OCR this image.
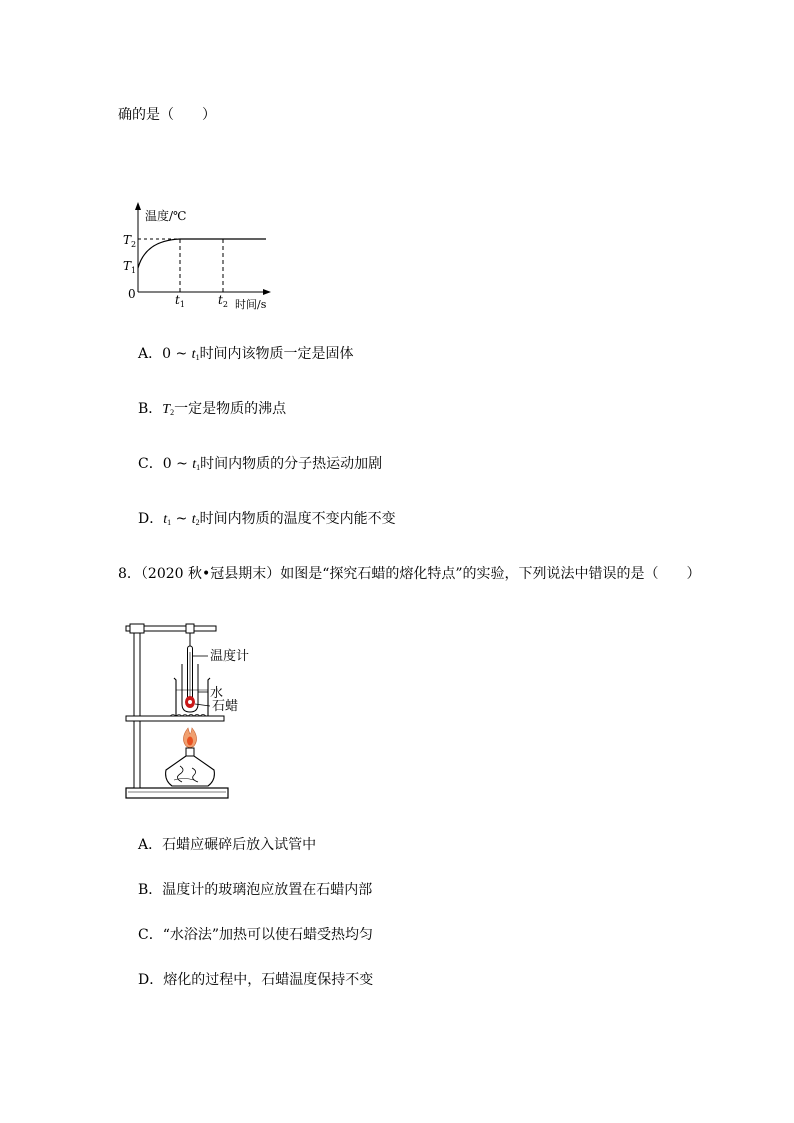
确的是（　　）
温度/℃
时间/s
0
$T_2$
$T_1$
$t_1$	$t_2$
A．0 ~ $t_1$时间内该物质一定是固体
B．$T_2$一定是物质的沸点
C．0 ~ $t_1$时间内物质的分子热运动加剧
D．$t_1$ ~ $t_2$时间内物质的温度不变内能不变
8．（2020 秋•冠县期末）如图是“探究石蜡的熔化特点”的实验，下列说法中错误的是（　　）
温度计
水
石蜡
A．石蜡应碾碎后放入试管中
B．温度计的玻璃泡应放置在石蜡内部
C．“水浴法”加热可以使石蜡受热均匀
D．熔化的过程中，石蜡温度保持不变
